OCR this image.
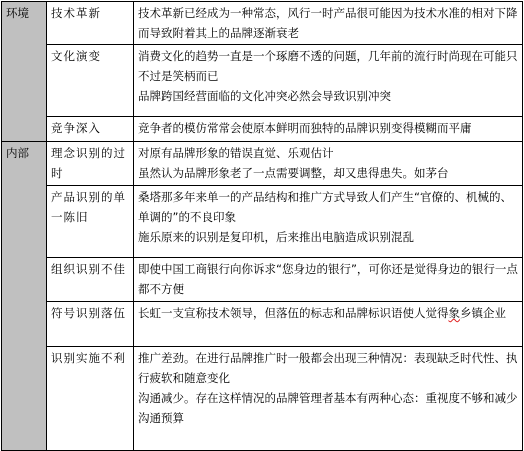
环境	技术革新	技术革新已经成为一种常态，风行一时产品很可能因为技术水准的相对下降而导致附着其上的品牌逐渐衰老

	文化演变	消费文化的趋势一直是一个琢磨不透的问题，几年前的流行时尚现在可能只不过是笑柄而已

品牌跨国经营面临的文化冲突必然会导致识别冲突

	竞争深入	竞争者的模仿常常会使原本鲜明而独特的品牌识别变得模糊而平庸

内部	理念识别的过时	对原有品牌形象的错误直觉、乐观估计

虽然认为品牌形象老了一点需要调整，却又患得患失。如茅台

	产品识别的单一陈旧	桑塔那多年来单一的产品结构和推广方式导致人们产生“官僚的、机械的、单调的”的不良印象

施乐原来的识别是复印机，后来推出电脑造成识别混乱

	组织识别不佳	即使中国工商银行向你诉求“您身边的银行”，可你还是觉得身边的银行一点都不方便

	符号识别落伍	长虹一支宣称技术领导，但落伍的标志和品牌标识语使人觉得象乡镇企业

	识别实施不利	推广差劲。在进行品牌推广时一般都会出现三种情况：表现缺乏时代性、执行疲软和随意变化

沟通减少。存在这样情况的品牌管理者基本有两种心态：重视度不够和减少沟通预算
